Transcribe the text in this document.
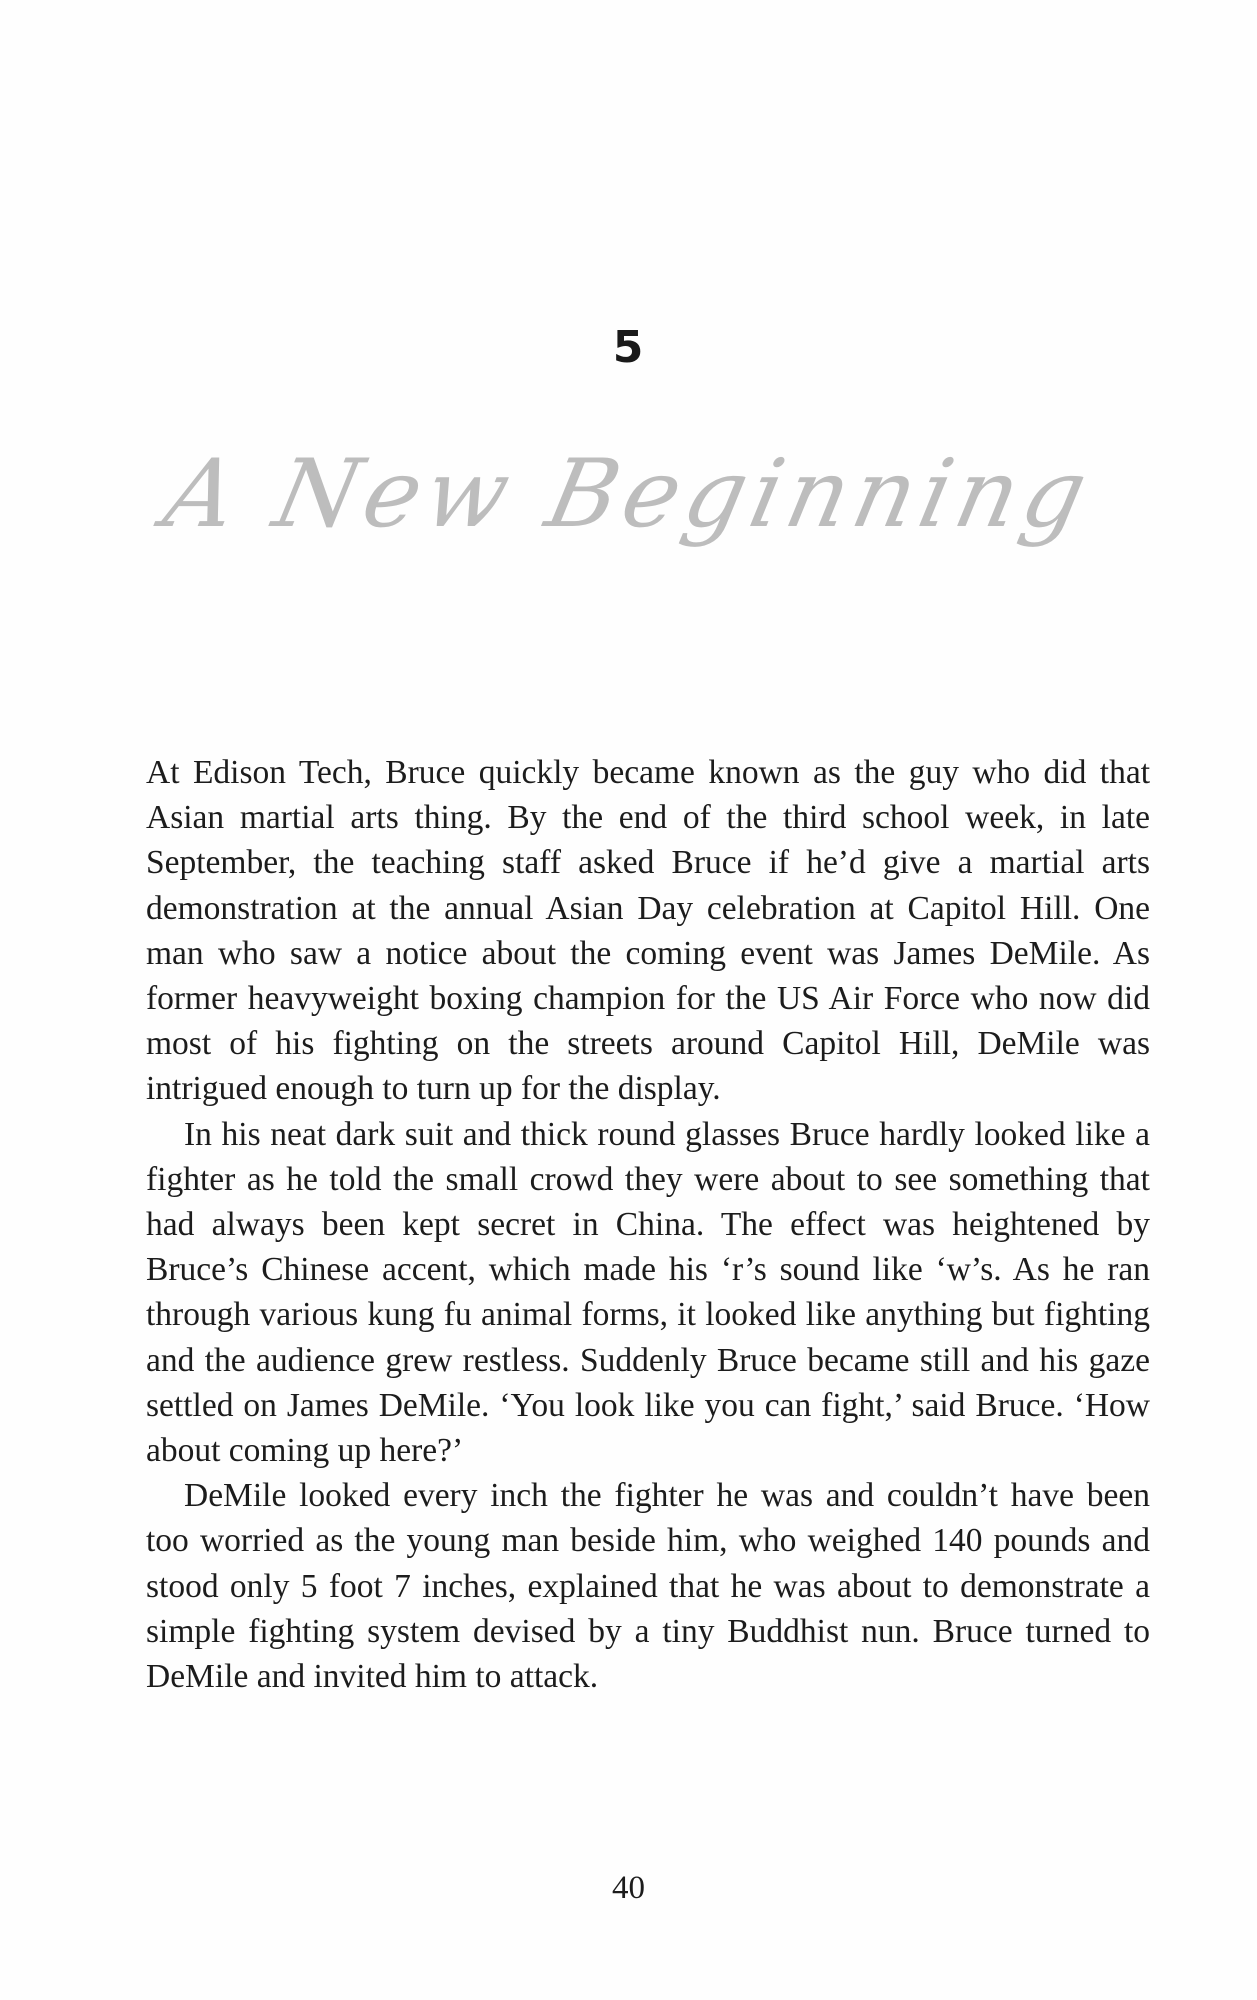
5
A New Beginning

At Edison Tech, Bruce quickly became known as the guy who did that Asian martial arts thing. By the end of the third school week, in late September, the teaching staff asked Bruce if he’d give a martial arts demonstration at the annual Asian Day celebration at Capitol Hill. One man who saw a notice about the coming event was James DeMile. As former heavyweight boxing champion for the US Air Force who now did most of his fighting on the streets around Capitol Hill, DeMile was intrigued enough to turn up for the display.

In his neat dark suit and thick round glasses Bruce hardly looked like a fighter as he told the small crowd they were about to see something that had always been kept secret in China. The effect was heightened by Bruce’s Chinese accent, which made his ‘r’s sound like ‘w’s. As he ran through various kung fu animal forms, it looked like anything but fighting and the audience grew restless. Suddenly Bruce became still and his gaze settled on James DeMile. ‘You look like you can fight,’ said Bruce. ‘How about coming up here?’

DeMile looked every inch the fighter he was and couldn’t have been too worried as the young man beside him, who weighed 140 pounds and stood only 5 foot 7 inches, explained that he was about to demonstrate a simple fighting system devised by a tiny Buddhist nun. Bruce turned to DeMile and invited him to attack.

40
